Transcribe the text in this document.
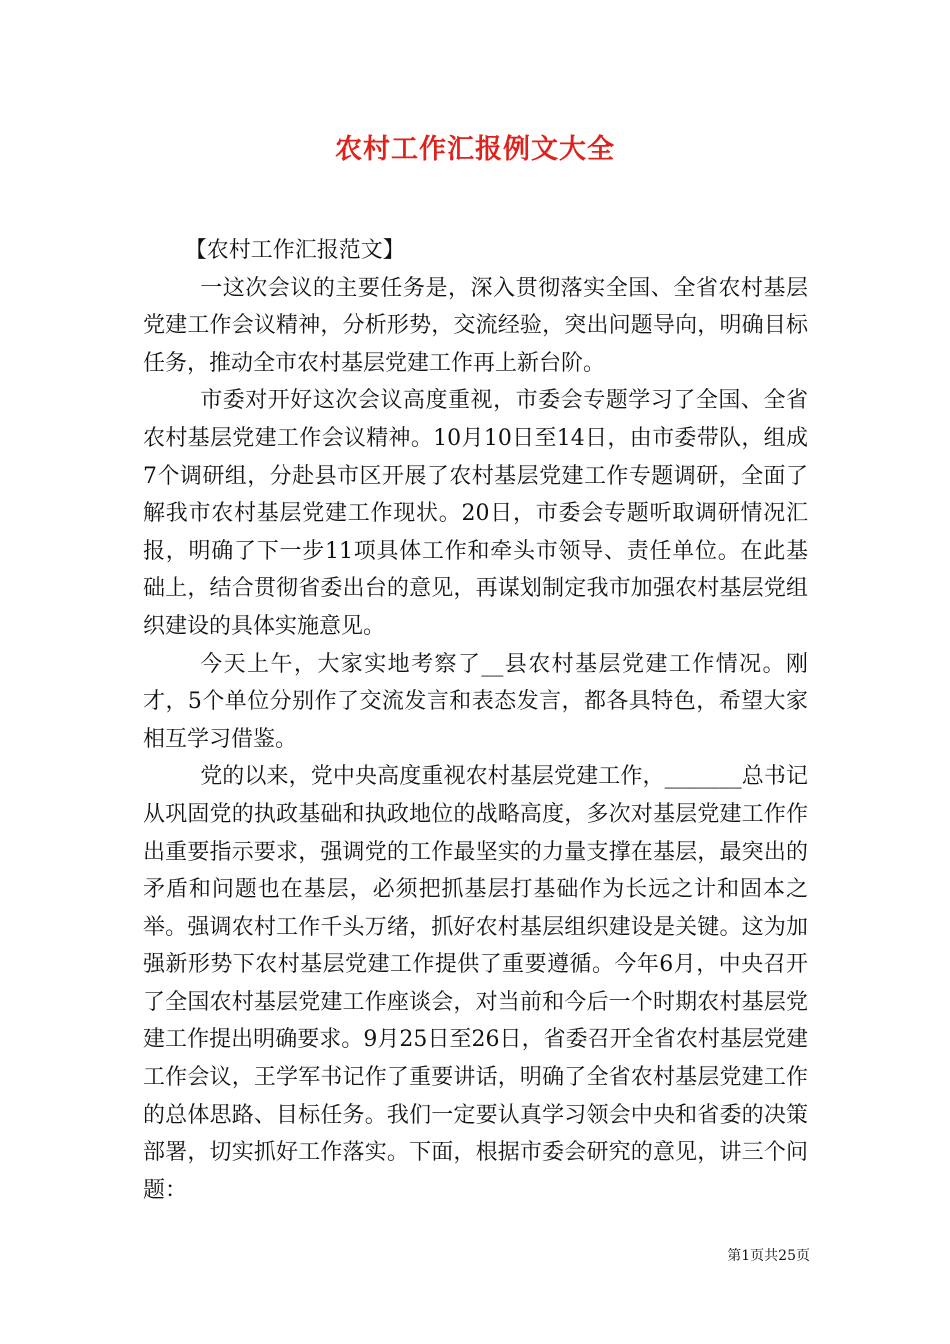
农村工作汇报例文大全

【农村工作汇报范文】

一这次会议的主要任务是，深入贯彻落实全国、全省农村基层党建工作会议精神，分析形势，交流经验，突出问题导向，明确目标任务，推动全市农村基层党建工作再上新台阶。

市委对开好这次会议高度重视，市委会专题学习了全国、全省农村基层党建工作会议精神。10月10日至14日，由市委带队，组成7个调研组，分赴县市区开展了农村基层党建工作专题调研，全面了解我市农村基层党建工作现状。20日，市委会专题听取调研情况汇报，明确了下一步11项具体工作和牵头市领导、责任单位。在此基础上，结合贯彻省委出台的意见，再谋划制定我市加强农村基层党组织建设的具体实施意见。

今天上午，大家实地考察了__县农村基层党建工作情况。刚才，5个单位分别作了交流发言和表态发言，都各具特色，希望大家相互学习借鉴。

党的以来，党中央高度重视农村基层党建工作，_______总书记从巩固党的执政基础和执政地位的战略高度，多次对基层党建工作作出重要指示要求，强调党的工作最坚实的力量支撑在基层，最突出的矛盾和问题也在基层，必须把抓基层打基础作为长远之计和固本之举。强调农村工作千头万绪，抓好农村基层组织建设是关键。这为加强新形势下农村基层党建工作提供了重要遵循。今年6月，中央召开了全国农村基层党建工作座谈会，对当前和今后一个时期农村基层党建工作提出明确要求。9月25日至26日，省委召开全省农村基层党建工作会议，王学军书记作了重要讲话，明确了全省农村基层党建工作的总体思路、目标任务。我们一定要认真学习领会中央和省委的决策部署，切实抓好工作落实。下面，根据市委会研究的意见，讲三个问题：

第1页共25页
